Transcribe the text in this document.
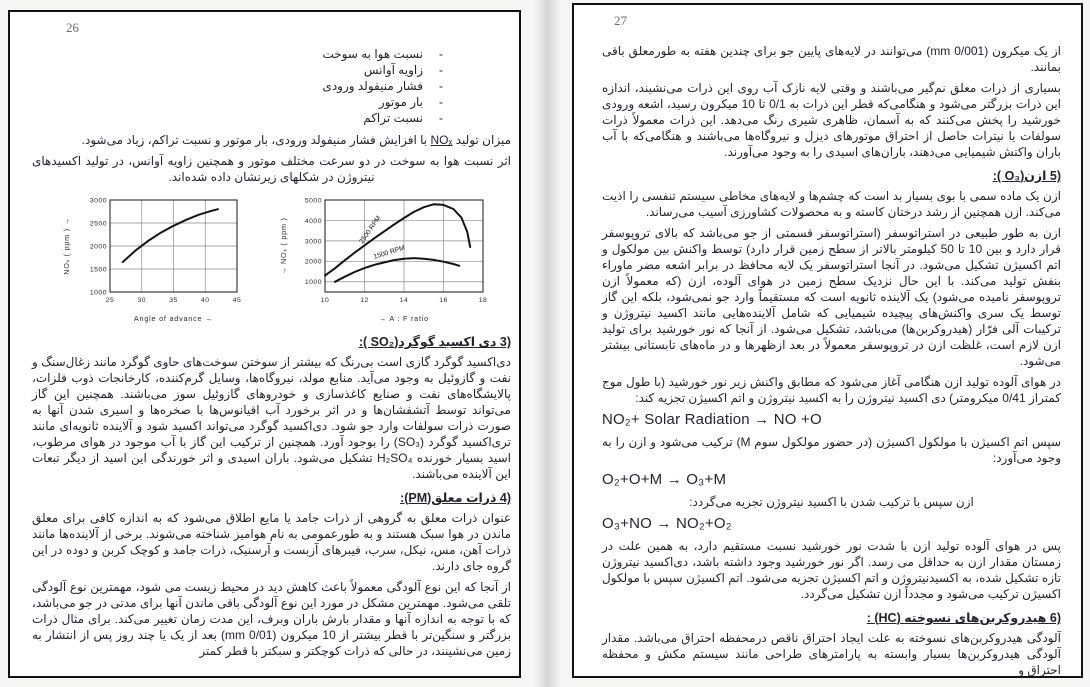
26
-نسبت هوا به سوخت
-زاویه آوانس
-فشار منیفولد ورودی
-بار موتور
-نسبت تراکم

میزان تولید NOₓ با افزایش فشار منیفولد ورودی، بار موتور و نسبت تراکم، زیاد می‌شود.

اثر نسبت هوا به سوخت در دو سرعت مختلف موتور و همچنین زاویه آوانس، در تولید اکسیدهای نیتروژن در شکلهای زیرنشان داده شده‌اند.

25	30	35	40	45
1000
1500
2000
2500
3000
Angle of advance →
NOₓ ( ppm ) →
10	12	14	16	18
1000
2000
3000
4000
5000
2500 RPM
1500 RPM
→ A : F ratio
→ NOₓ ( ppm )
3) دی اکسید گوگرد(SO₂ ):

دی‌اکسید گوگرد گازی است بی‌رنگ که بیشتر از سوختن سوخت‌های حاوی گوگرد مانند زغال‌سنگ و نفت و گازوئیل به وجود می‌آید. منابع مولد، نیروگاه‌ها، وسایل گرم‌کننده، کارخانجات ذوب فلزات، پالایشگاه‌های نفت و صنایع کاغذسازی و خودروهای گازوئیل سوز می‌باشند. همچنین این گاز می‌تواند توسط آتشفشان‌ها و در اثر برخورد آب اقیانوس‌ها با صخره‌ها و اسیری شدن آنها به صورت ذرات سولفات وارد جو شود. دی‌اکسید گوگرد می‌تواند اکسید شود و آلاینده ثانویه‌ای مانند تری‌اکسید گوگرد (SO₃) را بوجود آورد. همچنین از ترکیب این گاز با آب موجود در هوای مرطوب، اسید بسیار خورنده H₂SO₄ تشکیل می‌شود. باران اسیدی و اثر خورندگی این اسید از دیگر تبعات این آلاینده می‌باشند.

4) ذرات معلق(PM):

عنوان ذرات معلق به گروهی از ذرات جامد یا مایع اطلاق می‌شود که به اندازه کافی برای معلق ماندن در هوا سبک هستند و به طورعمومی به نام هوامیز شناخته می‌شوند. برخی از آلاینده‌ها مانند ذرات آهن، مس، نیکل، سرب، فیبرهای آزبست و آرسنیک، ذرات جامد و کوچک کربن و دوده در این گروه جای دارند.

از آنجا که این نوع آلودگی معمولاً باعث کاهش دید در محیط زیست می شود، مهمترین نوع آلودگی تلقی می‌شود. مهمترین مشکل در مورد این نوع آلودگی باقی ماندن آنها برای مدتی در جو می‌باشد، که با توجه به اندازه آنها و مقدار بارش باران وبرف، این مدت زمان تغییر می‌کند. برای مثال ذرات بزرگتر و سنگین‌تر با قطر بیشتر از 10 میکرون (0/01 mm) بعد از یک یا چند روز پس از انتشار به زمین می‌نشینند، در حالی که ذرات کوچکتر و سبکتر با قطر کمتر

27

از یک میکرون (0/001 mm) می‌توانند در لایه‌های پایین جو برای چندین هفته به طورمعلق باقی بمانند.

بسیاری از ذرات معلق نم‌گیر می‌باشند و وقتی لایه نازک آب روی این ذرات می‌نشیند، اندازه این ذرات بزرگتر می‌شود و هنگامی‌که قطر این ذرات به 0/1 تا 10 میکرون رسید، اشعه ورودی خورشید را پخش می‌کنند که به آسمان، ظاهری شیری رنگ می‌دهد. این ذرات معمولاً ذرات سولفات یا نیترات حاصل از احتراق موتورهای دیزل و نیروگاه‌ها می‌باشند و هنگامی‌که با آب باران واکنش شیمیایی می‌دهند، باران‌های اسیدی را به وجود می‌آورند.

5) ازن(O₃ ):

ازن یک ماده سمی با بوی بسیار بد است که چشم‌ها و لایه‌های مخاطی سیستم تنفسی را اذیت می‌کند. ازن همچنین از رشد درختان کاسته و به محصولات کشاورزی آسیب می‌رساند.

ازن به طور طبیعی در استراتوسفر (استراتوسفر قسمتی از جو می‌باشد که بالای تروپوسفر قرار دارد و بین 10 تا 50 کیلومتر بالاتر از سطح زمین قرار دارد) توسط واکنش بین مولکول و اتم اکسیژن تشکیل می‌شود. در آنجا استراتوسفر یک لایه محافظ در برابر اشعه مضر ماوراء بنفش تولید می‌کند. با این حال نزدیک سطح زمین در هوای آلوده، ازن (که معمولاً ازن تروپوسفر نامیده می‌شود) یک آلاینده ثانویه است که مستقیماً وارد جو نمی‌شود، بلکه این گاز توسط یک سری واکنش‌های پیچیده شیمیایی که شامل آلاینده‌هایی مانند اکسید نیتروژن و ترکیبات آلی فرّار (هیدروکربن‌ها) می‌باشد، تشکیل می‌شود. از آنجا که نور خورشید برای تولید ازن لازم است، غلظت ازن در تروپوسفر معمولاً در بعد ازظهرها و در ماه‌های تابستانی بیشتر می‌شود.

در هوای آلوده تولید ازن هنگامی آغاز می‌شود که مطابق واکنش زیر نور خورشید (با طول موج کمتراز 0/41 میکرومتر) دی اکسید نیتروژن را به اکسید نیتروژن و اتم اکسیژن تجزیه کند:

NO₂+ Solar Radiation → NO +O

سپس اتم اکسیژن با مولکول اکسیژن (در حضور مولکول سوم M) ترکیب می‌شود و ازن را به وجود می‌آورد:

O₂+O+M → O₃+M

ازن سپس با ترکیب شدن با اکسید نیتروژن تجزیه می‌گردد:

O₃+NO → NO₂+O₂

پس در هوای آلوده تولید ازن با شدت نور خورشید نسبت مستقیم دارد، به همین علت در زمستان مقدار ازن به حداقل می رسد. اگر نور خورشید وجود داشته باشد، دی‌اکسید نیتروژن تازه تشکیل شده، به اکسیدنیتروژن و اتم اکسیژن تجزیه می‌شود. اتم اکسیژن سپس با مولکول اکسیژن ترکیب می‌شود و مجدداً ازن تشکیل می‌گردد.

6) هیدروکربن‌های نسوخته (HC) :

آلودگی هیدروکربن‌های نسوخته به علت ایجاد احتراق ناقص درمحفظه احتراق می‌باشد. مقدار آلودگی هیدروکربن‌ها بسیار وابسته به پارامترهای طراحی مانند سیستم مکش و محفظه احتراق و
